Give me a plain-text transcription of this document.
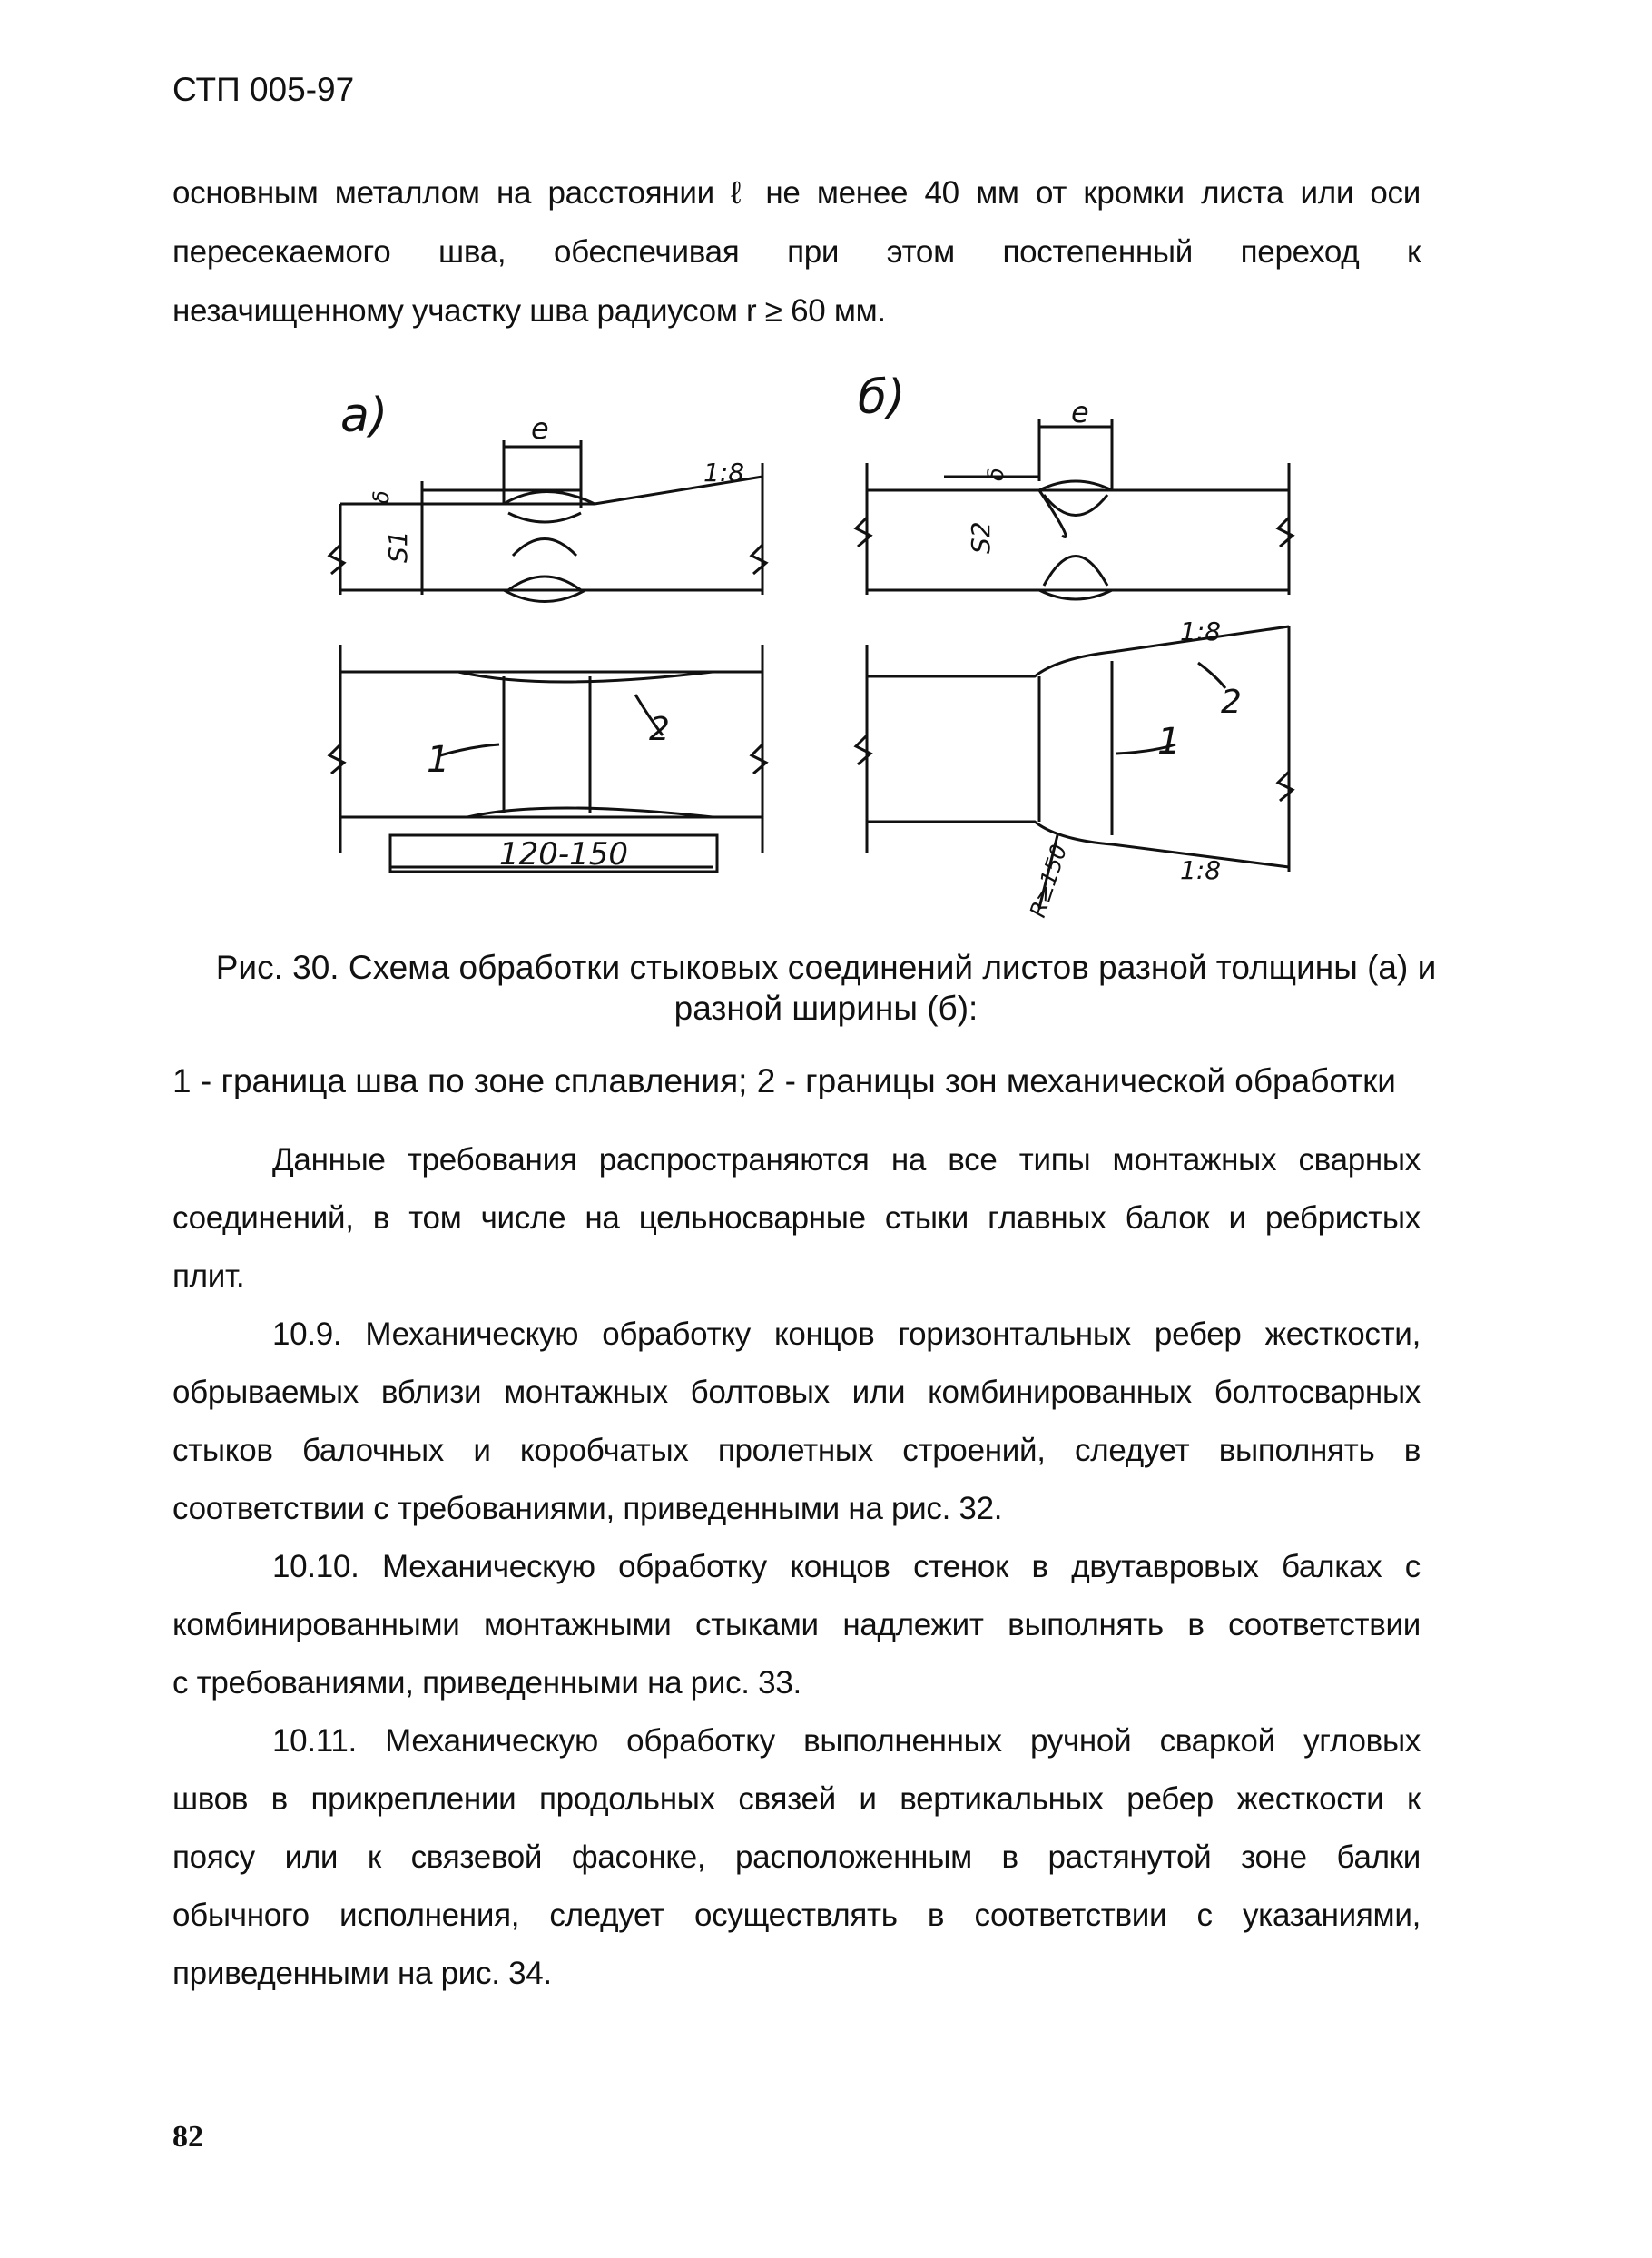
СТП 005-97
основным металлом на расстоянии ℓ не менее 40 мм от кромки листа или оси
пересекаемого шва, обеспечивая при этом постепенный переход к
незачищенному участку шва радиусом r ≥ 60 мм.
а)	e
1:8
δ
S1
1
2
120-150
б)	e
δ
S2
1
2
1:8
1:8
R≥150
Рис. 30. Схема обработки стыковых соединений листов разной толщины (а) и
разной ширины (б):
1 - граница шва по зоне сплавления; 2 - границы зон механической обработки
Данные требования распространяются на все типы монтажных сварных
соединений, в том числе на цельносварные стыки главных балок и ребристых
плит.
10.9. Механическую обработку концов горизонтальных ребер жесткости,
обрываемых вблизи монтажных болтовых или комбинированных болтосварных
стыков балочных и коробчатых пролетных строений, следует выполнять в
соответствии с требованиями, приведенными на рис. 32.
10.10. Механическую обработку концов стенок в двутавровых балках с
комбинированными монтажными стыками надлежит выполнять в соответствии
с требованиями, приведенными на рис. 33.
10.11. Механическую обработку выполненных ручной сваркой угловых
швов в прикреплении продольных связей и вертикальных ребер жесткости к
поясу или к связевой фасонке, расположенным в растянутой зоне балки
обычного исполнения, следует осуществлять в соответствии с указаниями,
приведенными на рис. 34.
82
